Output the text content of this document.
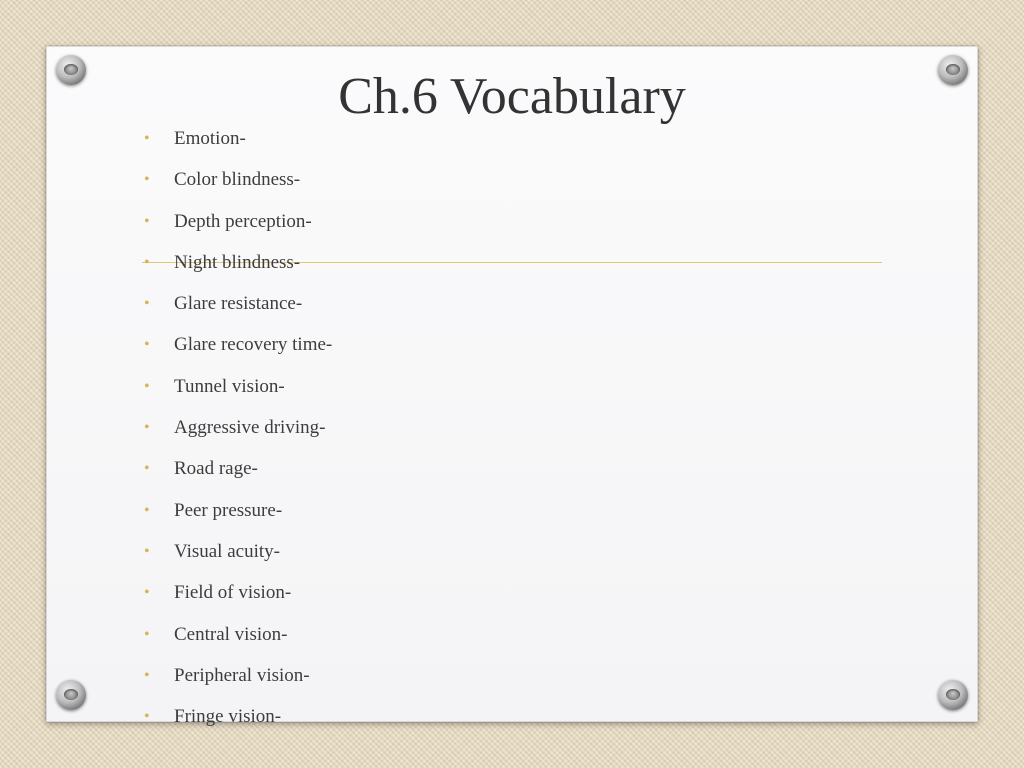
Ch.6 Vocabulary
• Emotion-
• Color blindness-
• Depth perception-
• Night blindness-
• Glare resistance-
• Glare recovery time-
• Tunnel vision-
• Aggressive driving-
• Road rage-
• Peer pressure-
• Visual acuity-
• Field of vision-
• Central vision-
• Peripheral vision-
• Fringe vision-
